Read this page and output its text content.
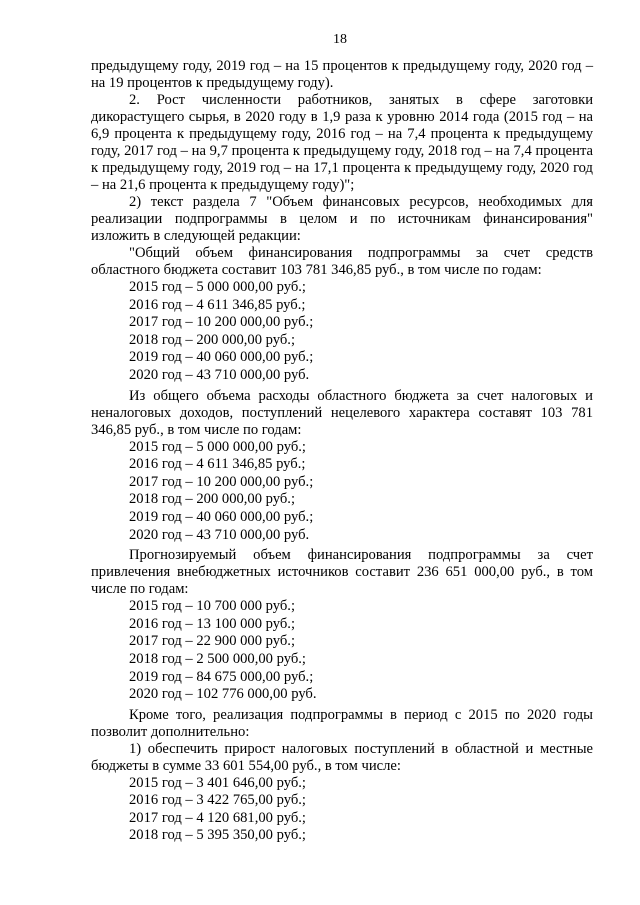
18

предыдущему году, 2019 год – на 15 процентов к предыдущему году, 2020 год – на 19 процентов к предыдущему году).

2. Рост численности работников, занятых в сфере заготовки дикорастущего сырья, в 2020 году в 1,9 раза к уровню 2014 года (2015 год – на 6,9 процента к предыдущему году, 2016 год – на 7,4 процента к предыдущему году, 2017 год – на 9,7 процента к предыдущему году, 2018 год – на 7,4 процента к предыдущему году, 2019 год – на 17,1 процента к предыдущему году, 2020 год – на 21,6 процента к предыдущему году)";

2) текст раздела 7 "Объем финансовых ресурсов, необходимых для реализации подпрограммы в целом и по источникам финансирования" изложить в следующей редакции:

"Общий объем финансирования подпрограммы за счет средств областного бюджета составит 103 781 346,85 руб., в том числе по годам:

2015 год – 5 000 000,00 руб.;

2016 год – 4 611 346,85 руб.;

2017 год – 10 200 000,00 руб.;

2018 год – 200 000,00 руб.;

2019 год – 40 060 000,00 руб.;

2020 год – 43 710 000,00 руб.

Из общего объема расходы областного бюджета за счет налоговых и неналоговых доходов, поступлений нецелевого характера составят 103 781 346,85 руб., в том числе по годам:

2015 год – 5 000 000,00 руб.;

2016 год – 4 611 346,85 руб.;

2017 год – 10 200 000,00 руб.;

2018 год – 200 000,00 руб.;

2019 год – 40 060 000,00 руб.;

2020 год – 43 710 000,00 руб.

Прогнозируемый объем финансирования подпрограммы за счет привлечения внебюджетных источников составит 236 651 000,00 руб., в том числе по годам:

2015 год – 10 700 000 руб.;

2016 год – 13 100 000 руб.;

2017 год – 22 900 000 руб.;

2018 год – 2 500 000,00 руб.;

2019 год – 84 675 000,00 руб.;

2020 год – 102 776 000,00 руб.

Кроме того, реализация подпрограммы в период с 2015 по 2020 годы позволит дополнительно:

1) обеспечить прирост налоговых поступлений в областной и местные бюджеты в сумме 33 601 554,00 руб., в том числе:

2015 год – 3 401 646,00 руб.;

2016 год – 3 422 765,00 руб.;

2017 год – 4 120 681,00 руб.;

2018 год – 5 395 350,00 руб.;
